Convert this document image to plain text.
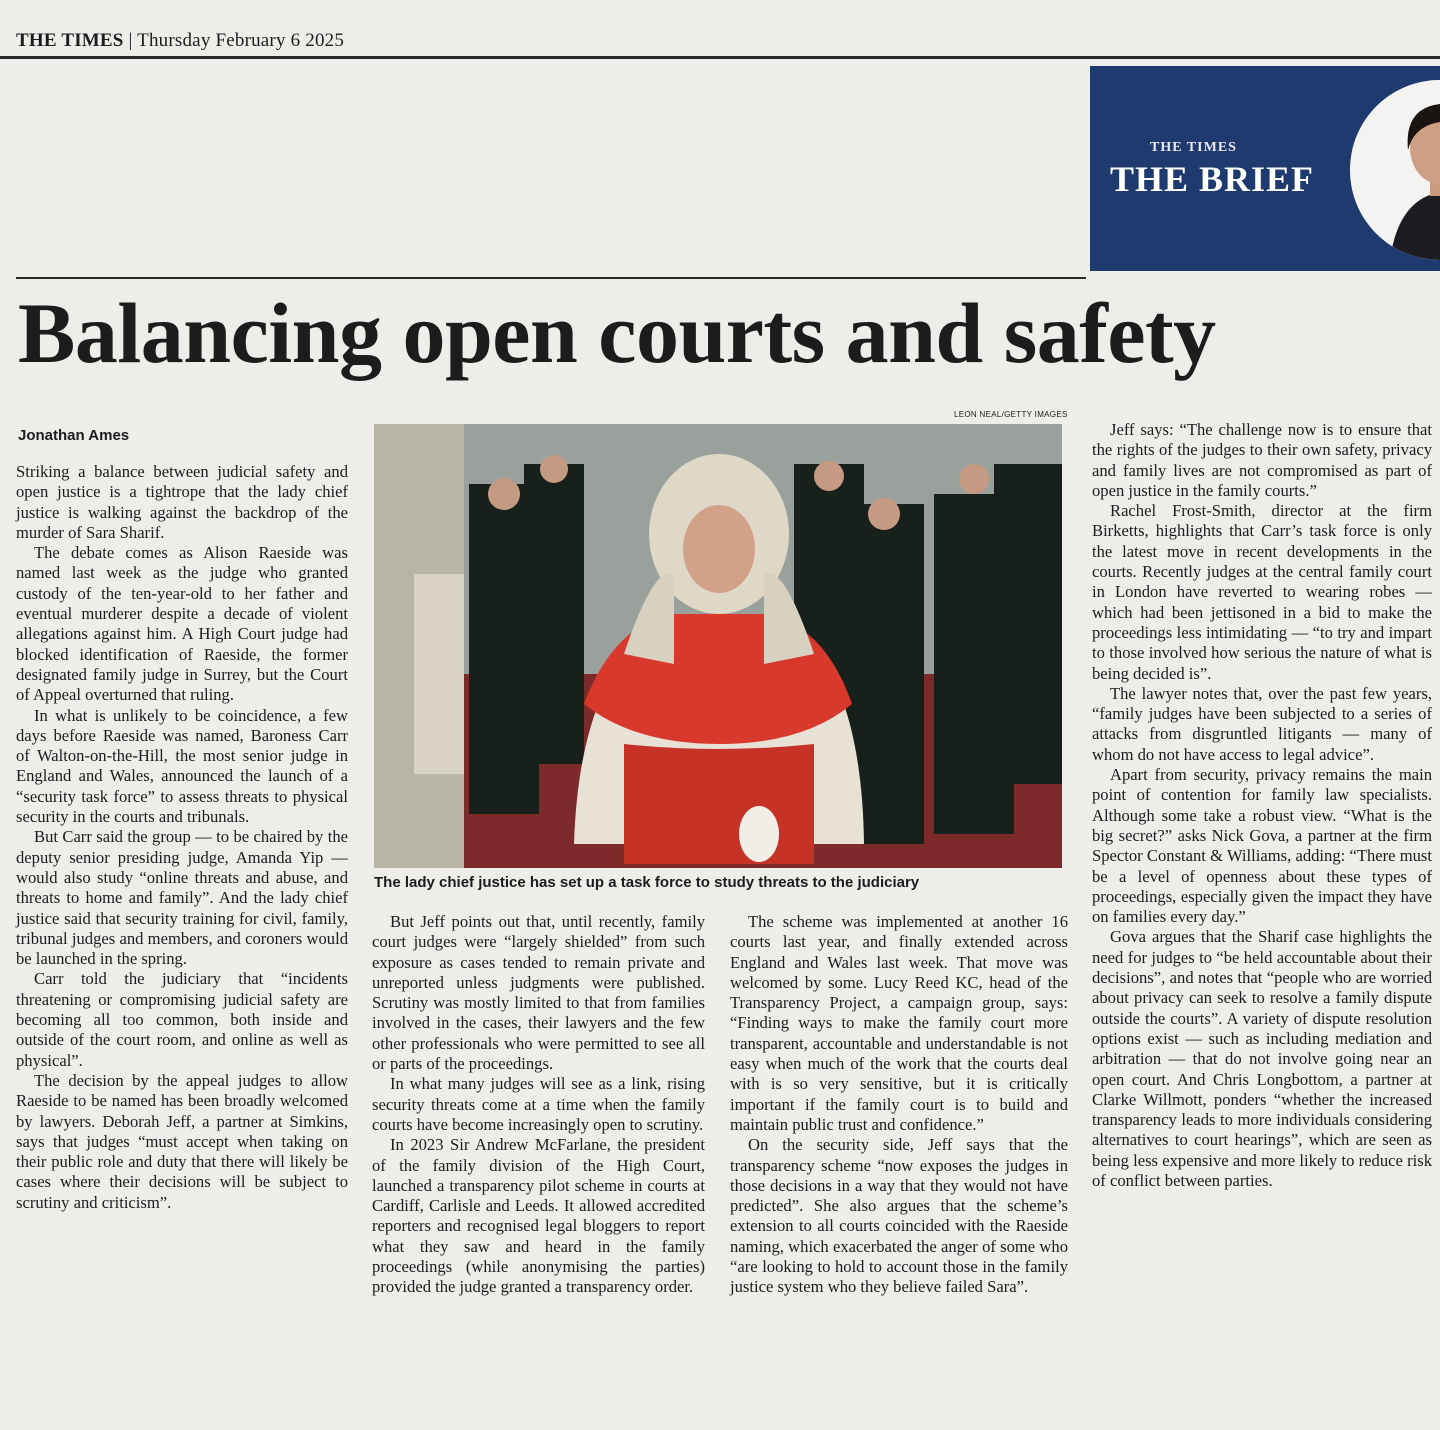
THE TIMES | Thursday February 6 2025
THE TIMES
THE BRIEF
Balancing open courts and safety
Jonathan Ames
LEON NEAL/GETTY IMAGES
The lady chief justice has set up a task force to study threats to the judiciary

Striking a balance between judicial safety and open justice is a tightrope that the lady chief justice is walking against the backdrop of the murder of Sara Sharif.

The debate comes as Alison Raeside was named last week as the judge who granted custody of the ten-year-old to her father and eventual murderer despite a decade of violent allegations against him. A High Court judge had blocked identification of Raeside, the former designated family judge in Surrey, but the Court of Appeal overturned that ruling.

In what is unlikely to be coincidence, a few days before Raeside was named, Baroness Carr of Walton-on-the-Hill, the most senior judge in England and Wales, announced the launch of a “security task force” to assess threats to physical security in the courts and tribunals.

But Carr said the group — to be chaired by the deputy senior presiding judge, Amanda Yip — would also study “online threats and abuse, and threats to home and family”. And the lady chief justice said that security training for civil, family, tribunal judges and members, and coroners would be launched in the spring.

Carr told the judiciary that “incidents threatening or compromising judicial safety are becoming all too common, both inside and outside of the court room, and online as well as physical”.

The decision by the appeal judges to allow Raeside to be named has been broadly welcomed by lawyers. Deborah Jeff, a partner at Simkins, says that judges “must accept when taking on their public role and duty that there will likely be cases where their decisions will be subject to scrutiny and criticism”.

But Jeff points out that, until recently, family court judges were “largely shielded” from such exposure as cases tended to remain private and unreported unless judgments were published. Scrutiny was mostly limited to that from families involved in the cases, their lawyers and the few other professionals who were permitted to see all or parts of the proceedings.

In what many judges will see as a link, rising security threats come at a time when the family courts have become increasingly open to scrutiny.

In 2023 Sir Andrew McFarlane, the president of the family division of the High Court, launched a transparency pilot scheme in courts at Cardiff, Carlisle and Leeds. It allowed accredited reporters and recognised legal bloggers to report what they saw and heard in the family proceedings (while anonymising the parties) provided the judge granted a transparency order.

The scheme was implemented at another 16 courts last year, and finally extended across England and Wales last week. That move was welcomed by some. Lucy Reed KC, head of the Transparency Project, a campaign group, says: “Finding ways to make the family court more transparent, accountable and understandable is not easy when much of the work that the courts deal with is so very sensitive, but it is critically important if the family court is to build and maintain public trust and confidence.”

On the security side, Jeff says that the transparency scheme “now exposes the judges in those decisions in a way that they would not have predicted”. She also argues that the scheme’s extension to all courts coincided with the Raeside naming, which exacerbated the anger of some who “are looking to hold to account those in the family justice system who they believe failed Sara”.

Jeff says: “The challenge now is to ensure that the rights of the judges to their own safety, privacy and family lives are not compromised as part of open justice in the family courts.”

Rachel Frost-Smith, director at the firm Birketts, highlights that Carr’s task force is only the latest move in recent developments in the courts. Recently judges at the central family court in London have reverted to wearing robes — which had been jettisoned in a bid to make the proceedings less intimidating — “to try and impart to those involved how serious the nature of what is being decided is”.

The lawyer notes that, over the past few years, “family judges have been subjected to a series of attacks from disgruntled litigants — many of whom do not have access to legal advice”.

Apart from security, privacy remains the main point of contention for family law specialists. Although some take a robust view. “What is the big secret?” asks Nick Gova, a partner at the firm Spector Constant & Williams, adding: “There must be a level of openness about these types of proceedings, especially given the impact they have on families every day.”

Gova argues that the Sharif case highlights the need for judges to “be held accountable about their decisions”, and notes that “people who are worried about privacy can seek to resolve a family dispute outside the courts”. A variety of dispute resolution options exist — such as including mediation and arbitration — that do not involve going near an open court. And Chris Longbottom, a partner at Clarke Willmott, ponders “whether the increased transparency leads to more individuals considering alternatives to court hearings”, which are seen as being less expensive and more likely to reduce risk of conflict between parties.
